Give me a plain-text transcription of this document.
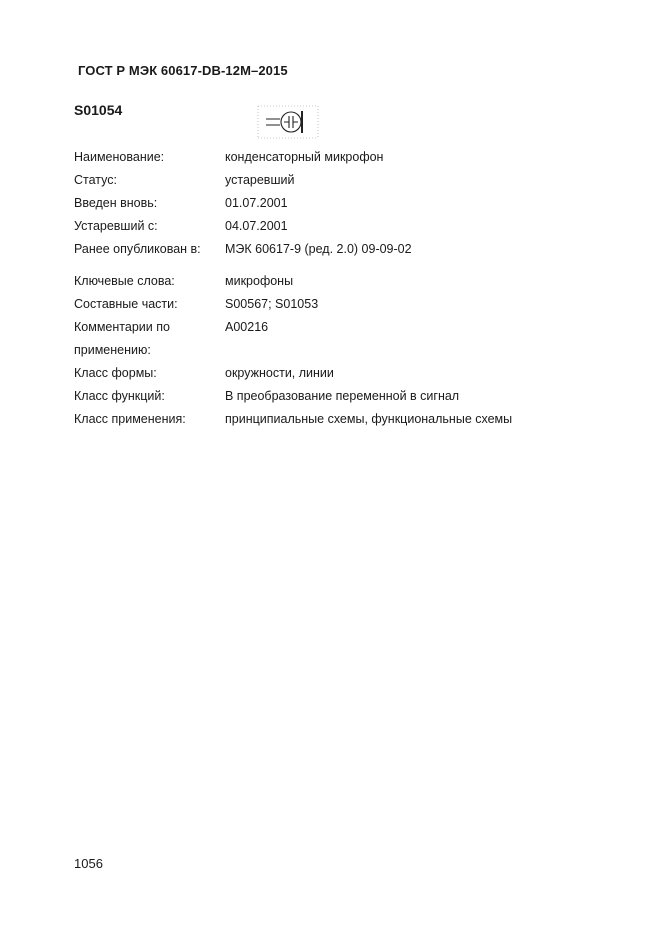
ГОСТ Р МЭК 60617-DB-12M–2015
S01054
Наименование:	конденсаторный микрофон
Статус:	устаревший
Введен вновь:	01.07.2001
Устаревший с:	04.07.2001
Ранее опубликован в:	МЭК 60617-9 (ред. 2.0) 09-09-02
Ключевые слова:	микрофоны
Составные части:	S00567; S01053
Комментарии по	A00216
применению:
Класс формы:	окружности, линии
Класс функций:	В преобразование переменной в сигнал
Класс применения:	принципиальные схемы, функциональные схемы
1056
